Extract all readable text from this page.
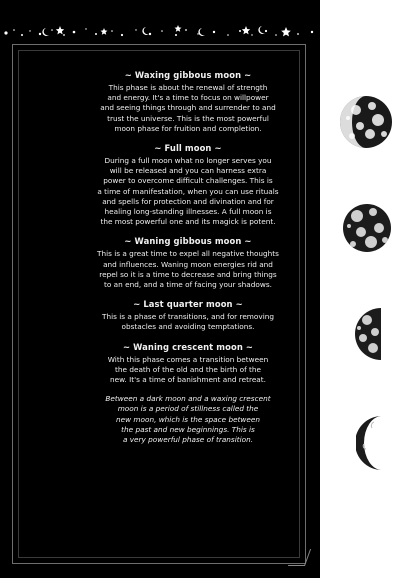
~ Waxing gibbous moon ~

This phase is about the renewal of strength
and energy. It's a time to focus on willpower
and seeing things through and surrender to and
trust the universe. This is the most powerful
moon phase for fruition and completion.

~ Full moon ~

During a full moon what no longer serves you
will be released and you can harness extra
power to overcome difficult challenges. This is
a time of manifestation, when you can use rituals
and spells for protection and divination and for
healing long-standing illnesses. A full moon is
the most powerful one and its magick is potent.

~ Waning gibbous moon ~

This is a great time to expel all negative thoughts
and influences. Waning moon energies rid and
repel so it is a time to decrease and bring things
to an end, and a time of facing your shadows.

~ Last quarter moon ~

This is a phase of transitions, and for removing
obstacles and avoiding temptations.

~ Waning crescent moon ~

With this phase comes a transition between
the death of the old and the birth of the
new. It's a time of banishment and retreat.

Between a dark moon and a waxing crescent
moon is a period of stillness called the
new moon, which is the space between
the past and new beginnings. This is
a very powerful phase of transition.
